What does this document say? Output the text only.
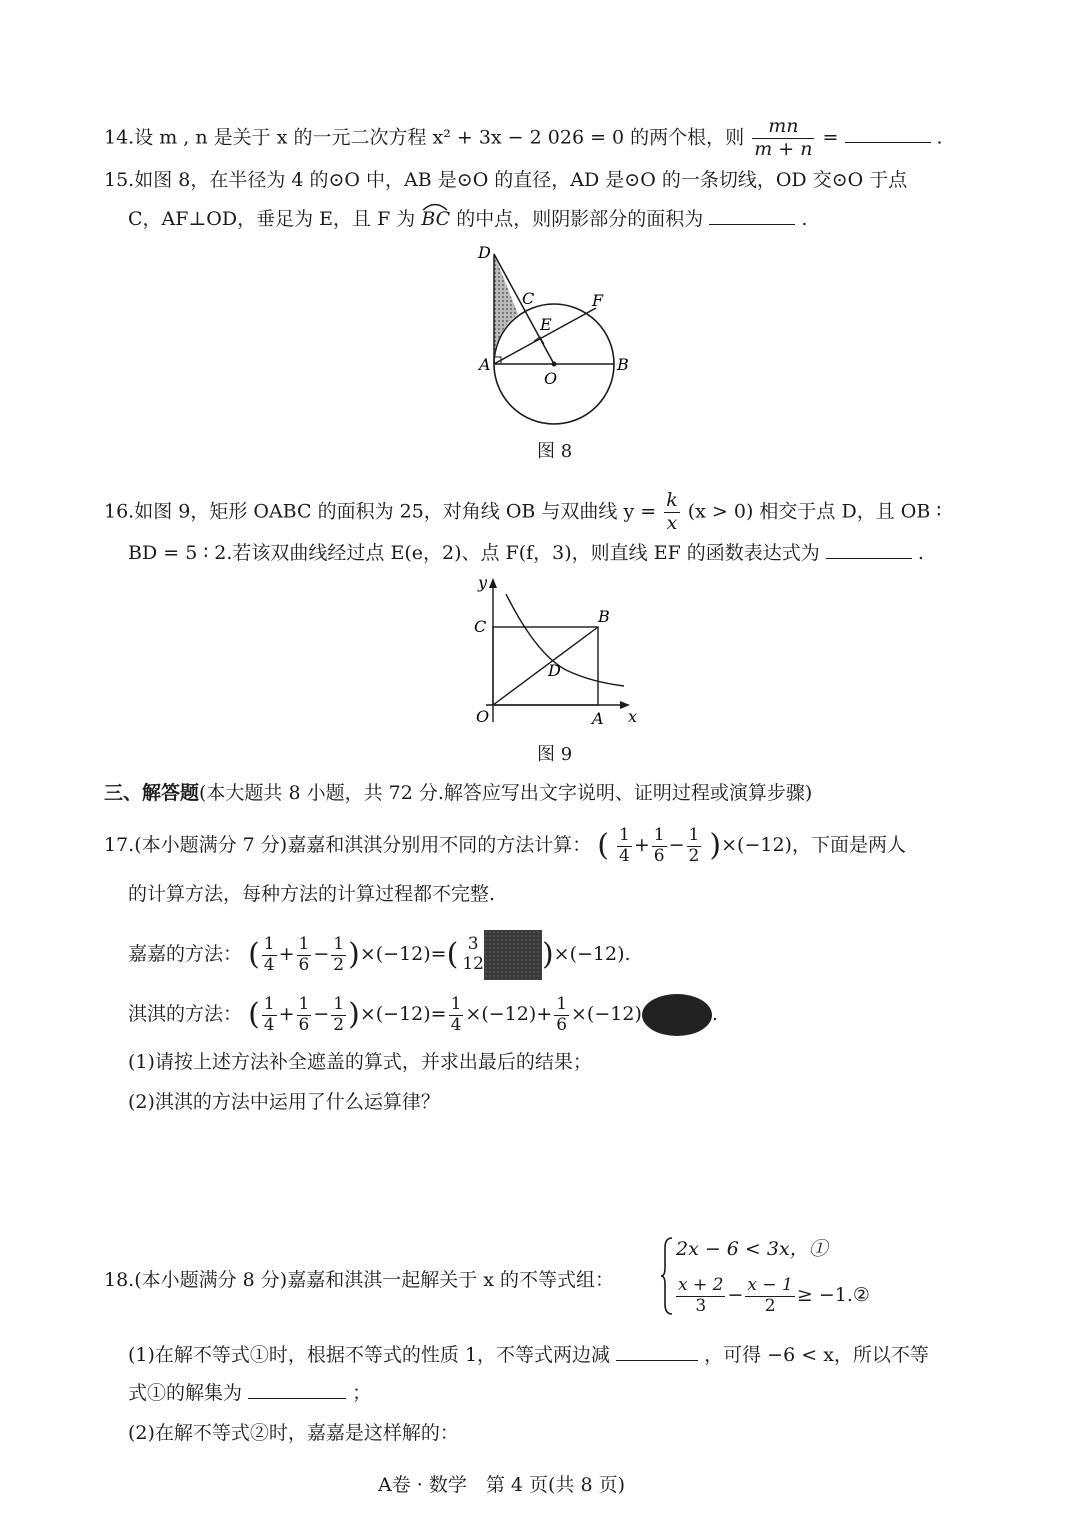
14.设 m , n 是关于 x 的一元二次方程 x² + 3x − 2 026 = 0 的两个根，则 $\frac{mn}{m + n}$ =	.
15.如图 8，在半径为 4 的⊙O 中，AB 是⊙O 的直径，AD 是⊙O 的一条切线，OD 交⊙O 于点
C，AF⊥OD，垂足为 E，且 F 为 BC 的中点，则阴影部分的面积为	.
D
C	F
E
A
O
B
图 8
16.如图 9，矩形 OABC 的面积为 25，对角线 OB 与双曲线 $y = \frac{k}{x} (x > 0)$ 相交于点 D，且 OB ∶
BD = 5 ∶ 2.若该双曲线经过点 E(e，2)、点 F(f，3)，则直线 EF 的函数表达式为	.
y
C
B
D
O	A x
图 9
三、解答题(本大题共 8 小题，共 72 分.解答应写出文字说明、证明过程或演算步骤)
17.(本小题满分 7 分)嘉嘉和淇淇分别用不同的方法计算： ( $\frac{1}{4} + \frac{1}{6} - \frac{1}{2} )\times(-12)$，下面是两人
的计算方法，每种方法的计算过程都不完整.
嘉嘉的方法： ( $\frac{1}{4} + \frac{1}{6} - \frac{1}{2} )\times(-12)=$( 3
12 )×(−12).
淇淇的方法： ( $\frac{1}{4} + \frac{1}{6} - \frac{1}{2} )\times(-12)= \frac{1}{4} \times(-12)+ \frac{1}{6} \times(-12)$	.
(1)请按上述方法补全遮盖的算式，并求出最后的结果；
(2)淇淇的方法中运用了什么运算律？
18.(本小题满分 8 分)嘉嘉和淇淇一起解关于 x 的不等式组：
2x − 6 < 3x，①
$\frac{x + 2}{3} - \frac{x - 1}{2}$ ≥ −1.②
(1)在解不等式①时，根据不等式的性质 1，不等式两边减	，可得 −6 < x，所以不等
式①的解集为	；
(2)在解不等式②时，嘉嘉是这样解的：
A卷 · 数学　第 4 页(共 8 页)
